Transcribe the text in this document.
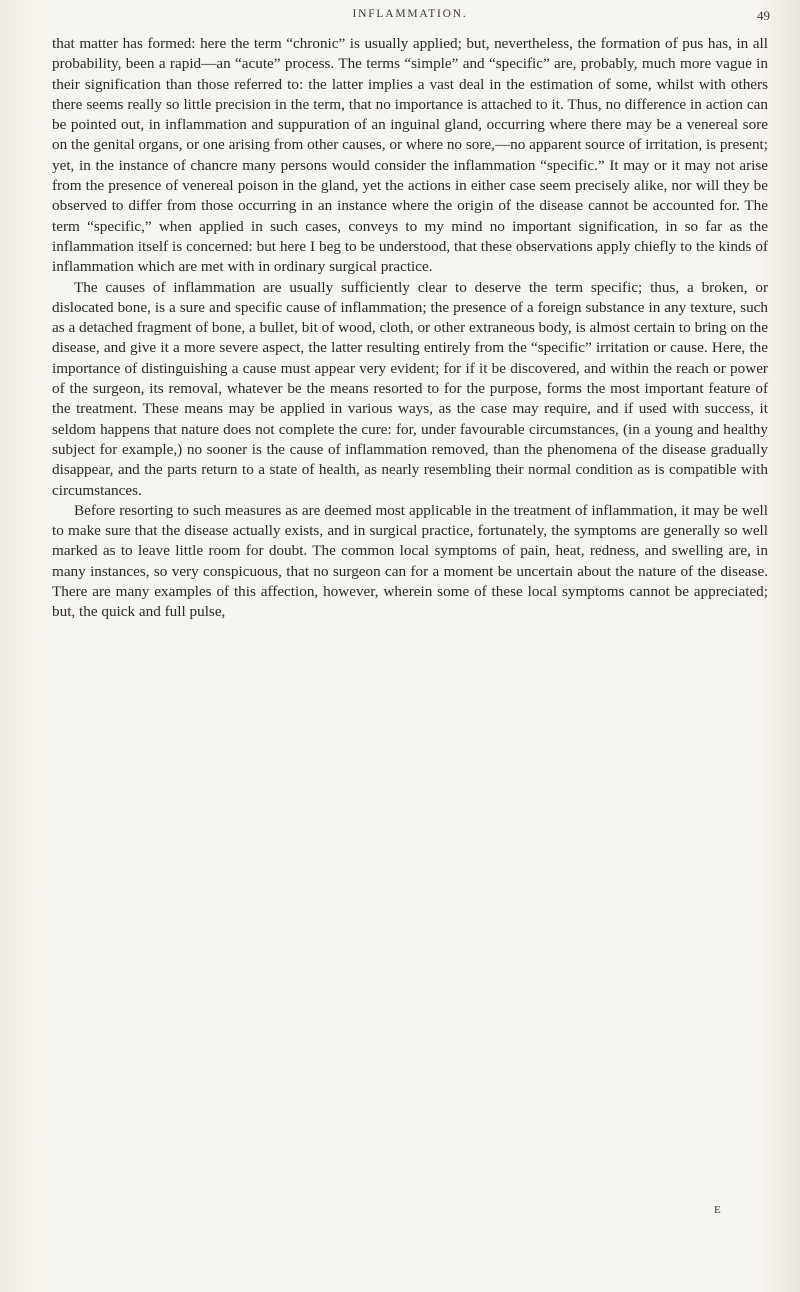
INFLAMMATION.	49

that matter has formed: here the term “chronic” is usually applied; but, nevertheless, the formation of pus has, in all probability, been a rapid—an “acute” process. The terms “simple” and “specific” are, probably, much more vague in their signification than those referred to: the latter implies a vast deal in the estimation of some, whilst with others there seems really so little precision in the term, that no importance is attached to it. Thus, no difference in action can be pointed out, in inflammation and suppuration of an inguinal gland, occurring where there may be a venereal sore on the genital organs, or one arising from other causes, or where no sore,—no apparent source of irritation, is present; yet, in the instance of chancre many persons would consider the inflammation “specific.” It may or it may not arise from the presence of venereal poison in the gland, yet the actions in either case seem precisely alike, nor will they be observed to differ from those occurring in an instance where the origin of the disease cannot be accounted for. The term “specific,” when applied in such cases, conveys to my mind no important signification, in so far as the inflammation itself is concerned: but here I beg to be understood, that these observations apply chiefly to the kinds of inflammation which are met with in ordinary surgical practice.

The causes of inflammation are usually sufficiently clear to deserve the term specific; thus, a broken, or dislocated bone, is a sure and specific cause of inflammation; the presence of a foreign substance in any texture, such as a detached fragment of bone, a bullet, bit of wood, cloth, or other extraneous body, is almost certain to bring on the disease, and give it a more severe aspect, the latter resulting entirely from the “specific” irritation or cause. Here, the importance of distinguishing a cause must appear very evident; for if it be discovered, and within the reach or power of the surgeon, its removal, whatever be the means resorted to for the purpose, forms the most important feature of the treatment. These means may be applied in various ways, as the case may require, and if used with success, it seldom happens that nature does not complete the cure: for, under favourable circumstances, (in a young and healthy subject for example,) no sooner is the cause of inflammation removed, than the phenomena of the disease gradually disappear, and the parts return to a state of health, as nearly resembling their normal condition as is compatible with circumstances.

Before resorting to such measures as are deemed most applicable in the treatment of inflammation, it may be well to make sure that the disease actually exists, and in surgical practice, fortunately, the symptoms are generally so well marked as to leave little room for doubt. The common local symptoms of pain, heat, redness, and swelling are, in many instances, so very conspicuous, that no surgeon can for a moment be uncertain about the nature of the disease. There are many examples of this affection, however, wherein some of these local symptoms cannot be appreciated; but, the quick and full pulse,

E
